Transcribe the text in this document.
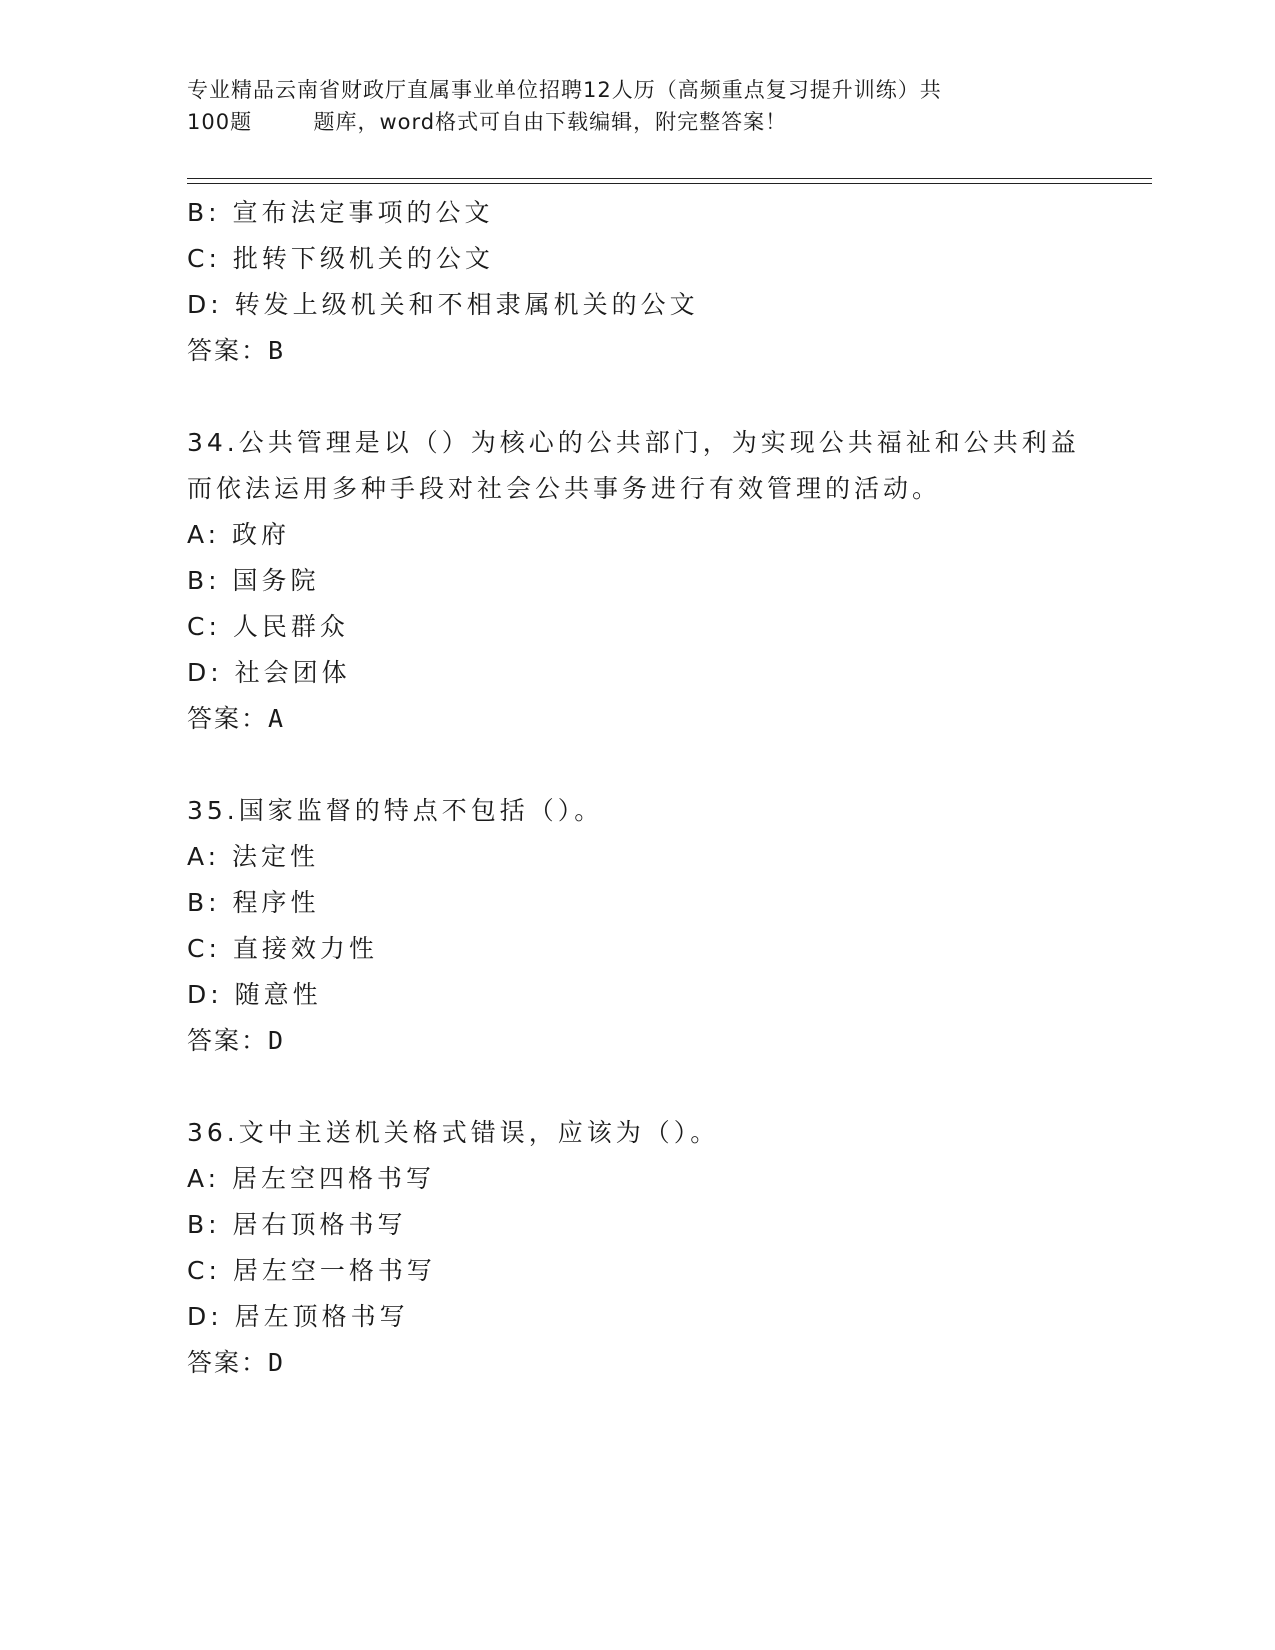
专业精品云南省财政厅直属事业单位招聘12人历（高频重点复习提升训练）共
100题        题库，word格式可自由下载编辑，附完整答案！
B: 宣布法定事项的公文
C: 批转下级机关的公文
D: 转发上级机关和不相隶属机关的公文
答案：B
34.公共管理是以（）为核心的公共部门，为实现公共福祉和公共利益
而依法运用多种手段对社会公共事务进行有效管理的活动。
A: 政府
B: 国务院
C: 人民群众
D: 社会团体
答案：A
35.国家监督的特点不包括（）。
A: 法定性
B: 程序性
C: 直接效力性
D: 随意性
答案：D
36.文中主送机关格式错误，应该为（）。
A: 居左空四格书写
B: 居右顶格书写
C: 居左空一格书写
D: 居左顶格书写
答案：D
